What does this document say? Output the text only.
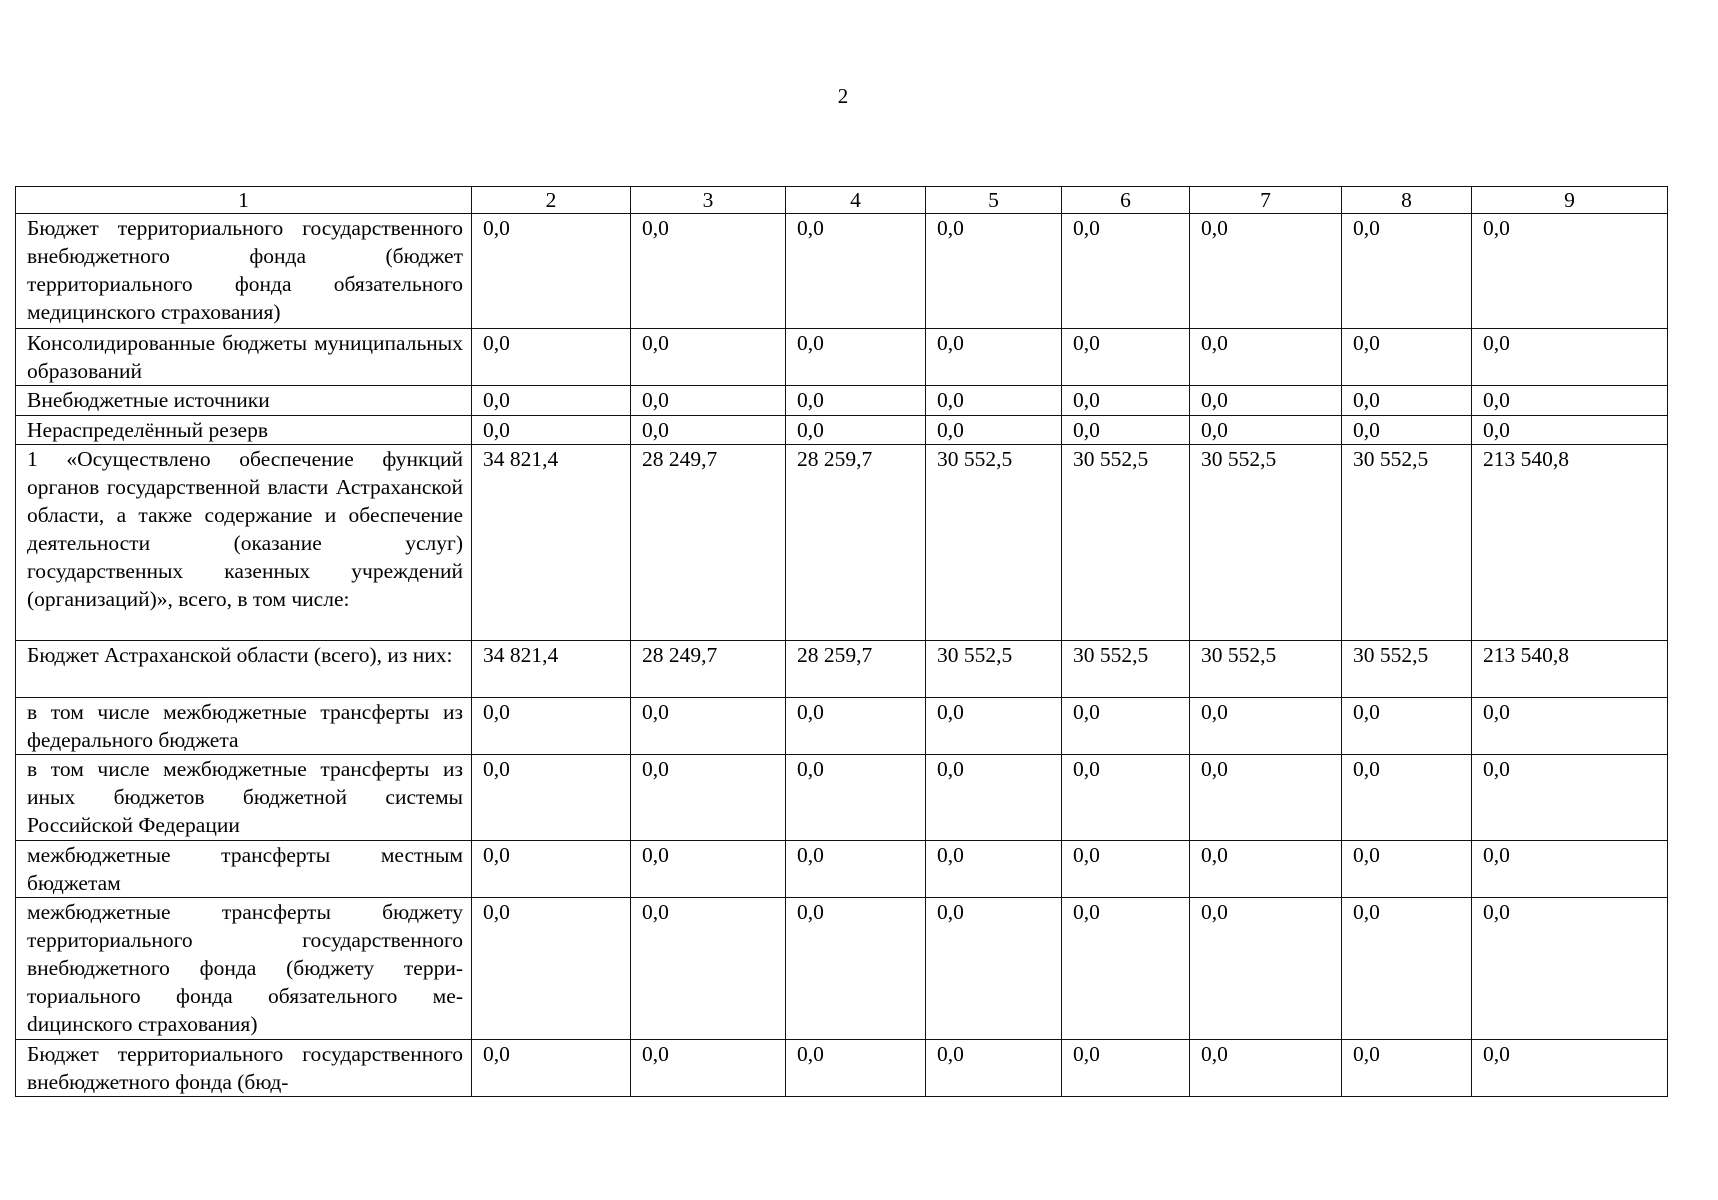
2
1	2	3	4	5	6	7	8	9
Бюджет территориального государственного внебюджетного фонда (бюджет территориального фонда обязательного медицинского страхования)	0,0	0,0	0,0	0,0	0,0	0,0	0,0	0,0
Консолидированные бюджеты муниципальных образований	0,0	0,0	0,0	0,0	0,0	0,0	0,0	0,0
Внебюджетные источники	0,0	0,0	0,0	0,0	0,0	0,0	0,0	0,0
Нераспределённый резерв	0,0	0,0	0,0	0,0	0,0	0,0	0,0	0,0
1 «Осуществлено обеспечение функций органов государственной власти Астраханской области, а также содержание и обеспечение деятельности (оказание услуг) государственных казенных учреждений (организаций)», всего, в том числе:	34 821,4	28 249,7	28 259,7	30 552,5	30 552,5	30 552,5	30 552,5	213 540,8
Бюджет Астраханской области (всего), из них:	34 821,4	28 249,7	28 259,7	30 552,5	30 552,5	30 552,5	30 552,5	213 540,8
в том числе межбюджетные трансферты из федерального бюджета	0,0	0,0	0,0	0,0	0,0	0,0	0,0	0,0
в том числе межбюджетные трансферты из иных бюджетов бюджетной системы Российской Федерации	0,0	0,0	0,0	0,0	0,0	0,0	0,0	0,0
межбюджетные трансферты местным бюджетам	0,0	0,0	0,0	0,0	0,0	0,0	0,0	0,0
межбюджетные трансферты бюджету территориального государственного внебюджетного фонда (бюджету территориального фонда обязательного меdицинского страхования)	0,0	0,0	0,0	0,0	0,0	0,0	0,0	0,0
Бюджет территориального государственного внебюджетного фонда (бюд-	0,0	0,0	0,0	0,0	0,0	0,0	0,0	0,0
